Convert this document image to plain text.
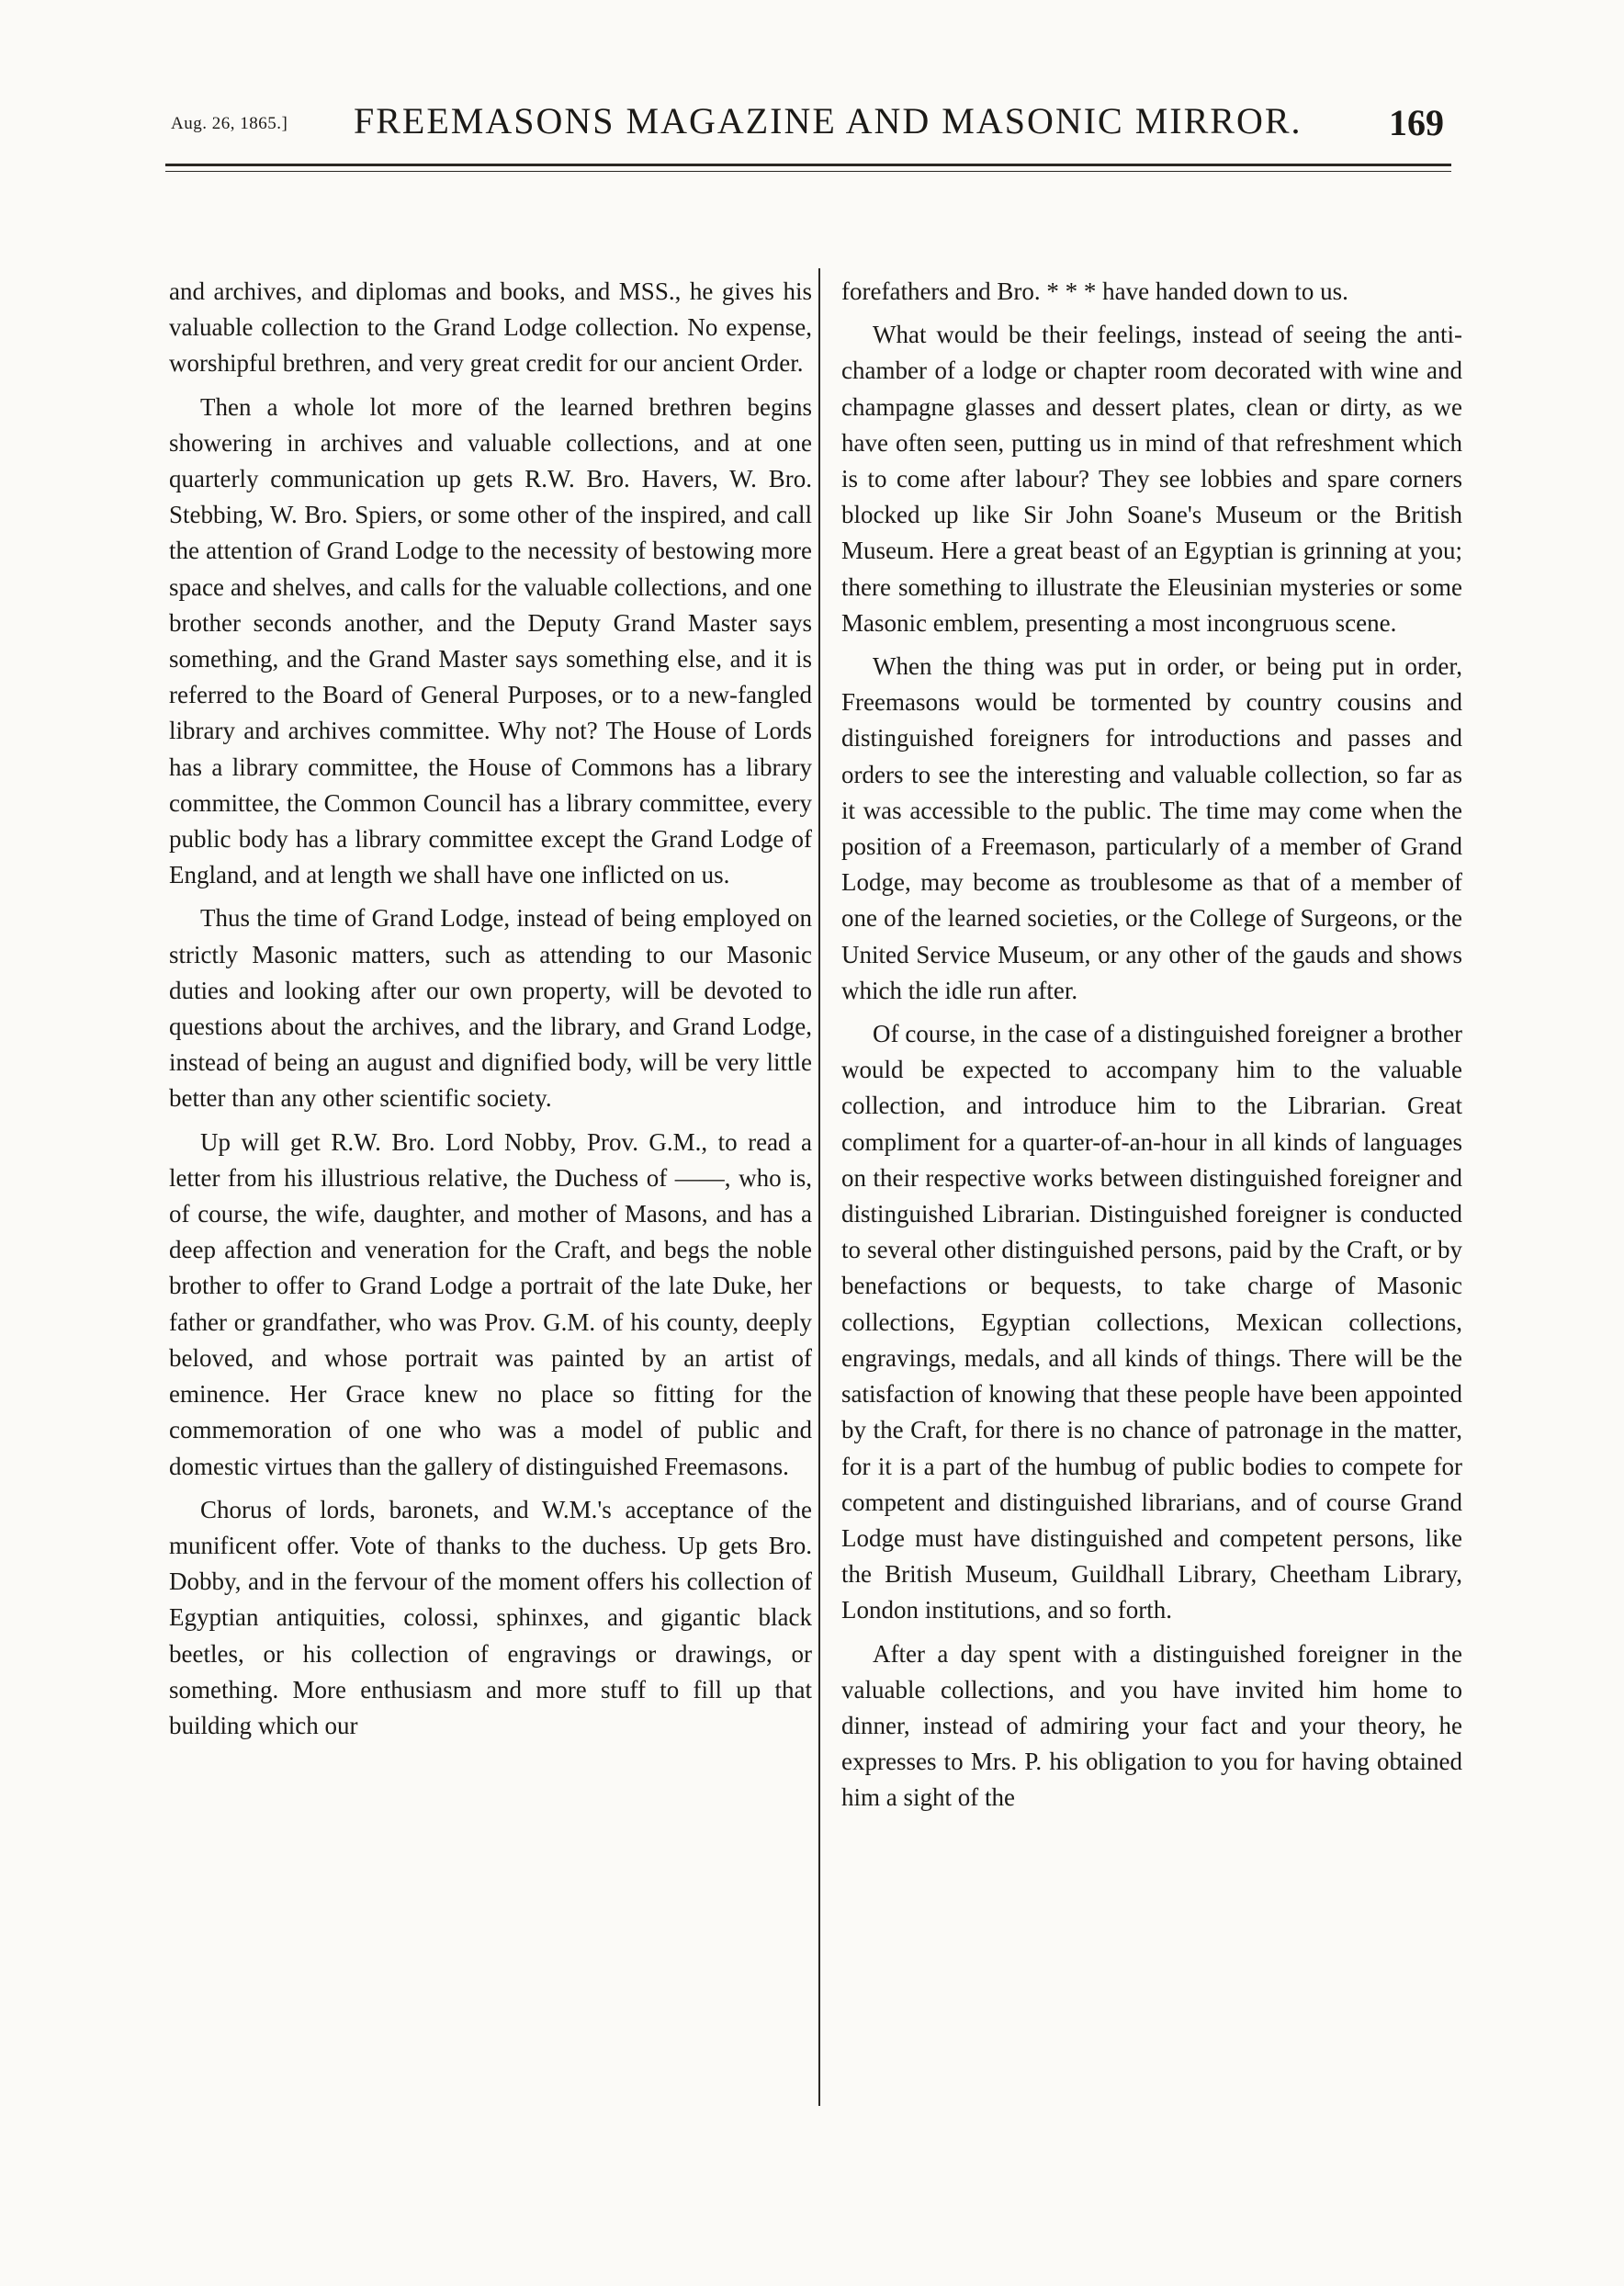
Aug. 26, 1865.] FREEMASONS MAGAZINE AND MASONIC MIRROR. 169

and archives, and diplomas and books, and MSS., he gives his valuable collection to the Grand Lodge collection. No expense, worshipful brethren, and very great credit for our ancient Order.

Then a whole lot more of the learned brethren begins showering in archives and valuable collections, and at one quarterly communication up gets R.W. Bro. Havers, W. Bro. Stebbing, W. Bro. Spiers, or some other of the inspired, and call the attention of Grand Lodge to the necessity of bestowing more space and shelves, and calls for the valuable collections, and one brother seconds another, and the Deputy Grand Master says something, and the Grand Master says something else, and it is referred to the Board of General Purposes, or to a new-fangled library and archives committee. Why not? The House of Lords has a library committee, the House of Commons has a library committee, the Common Council has a library committee, every public body has a library committee except the Grand Lodge of England, and at length we shall have one inflicted on us.

Thus the time of Grand Lodge, instead of being employed on strictly Masonic matters, such as attending to our Masonic duties and looking after our own property, will be devoted to questions about the archives, and the library, and Grand Lodge, instead of being an august and dignified body, will be very little better than any other scientific society.

Up will get R.W. Bro. Lord Nobby, Prov. G.M., to read a letter from his illustrious relative, the Duchess of ——, who is, of course, the wife, daughter, and mother of Masons, and has a deep affection and veneration for the Craft, and begs the noble brother to offer to Grand Lodge a portrait of the late Duke, her father or grandfather, who was Prov. G.M. of his county, deeply beloved, and whose portrait was painted by an artist of eminence. Her Grace knew no place so fitting for the commemoration of one who was a model of public and domestic virtues than the gallery of distinguished Freemasons.

Chorus of lords, baronets, and W.M.'s acceptance of the munificent offer. Vote of thanks to the duchess. Up gets Bro. Dobby, and in the fervour of the moment offers his collection of Egyptian antiquities, colossi, sphinxes, and gigantic black beetles, or his collection of engravings or drawings, or something. More enthusiasm and more stuff to fill up that building which our

forefathers and Bro. * * * have handed down to us.

What would be their feelings, instead of seeing the anti-chamber of a lodge or chapter room decorated with wine and champagne glasses and dessert plates, clean or dirty, as we have often seen, putting us in mind of that refreshment which is to come after labour? They see lobbies and spare corners blocked up like Sir John Soane's Museum or the British Museum. Here a great beast of an Egyptian is grinning at you; there something to illustrate the Eleusinian mysteries or some Masonic emblem, presenting a most incongruous scene.

When the thing was put in order, or being put in order, Freemasons would be tormented by country cousins and distinguished foreigners for introductions and passes and orders to see the interesting and valuable collection, so far as it was accessible to the public. The time may come when the position of a Freemason, particularly of a member of Grand Lodge, may become as troublesome as that of a member of one of the learned societies, or the College of Surgeons, or the United Service Museum, or any other of the gauds and shows which the idle run after.

Of course, in the case of a distinguished foreigner a brother would be expected to accompany him to the valuable collection, and introduce him to the Librarian. Great compliment for a quarter-of-an-hour in all kinds of languages on their respective works between distinguished foreigner and distinguished Librarian. Distinguished foreigner is conducted to several other distinguished persons, paid by the Craft, or by benefactions or bequests, to take charge of Masonic collections, Egyptian collections, Mexican collections, engravings, medals, and all kinds of things. There will be the satisfaction of knowing that these people have been appointed by the Craft, for there is no chance of patronage in the matter, for it is a part of the humbug of public bodies to compete for competent and distinguished librarians, and of course Grand Lodge must have distinguished and competent persons, like the British Museum, Guildhall Library, Cheetham Library, London institutions, and so forth.

After a day spent with a distinguished foreigner in the valuable collections, and you have invited him home to dinner, instead of admiring your fact and your theory, he expresses to Mrs. P. his obligation to you for having obtained him a sight of the
